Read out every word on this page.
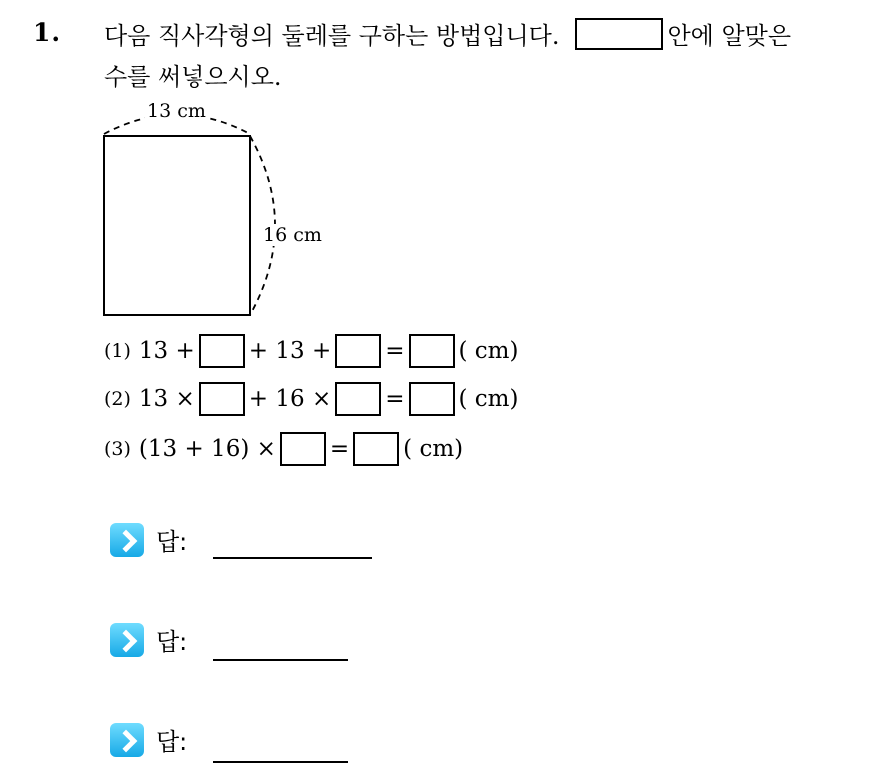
1. 다음 직사각형의 둘레를 구하는 방법입니다.	안에 알맞은
수를 써넣으시오.
13 cm
16 cm
(1) 13 + + 13 + = ( cm)
(2) 13 × + 16 × = ( cm)
(3) (13 + 16) × = ( cm)
답:
답:
답:
